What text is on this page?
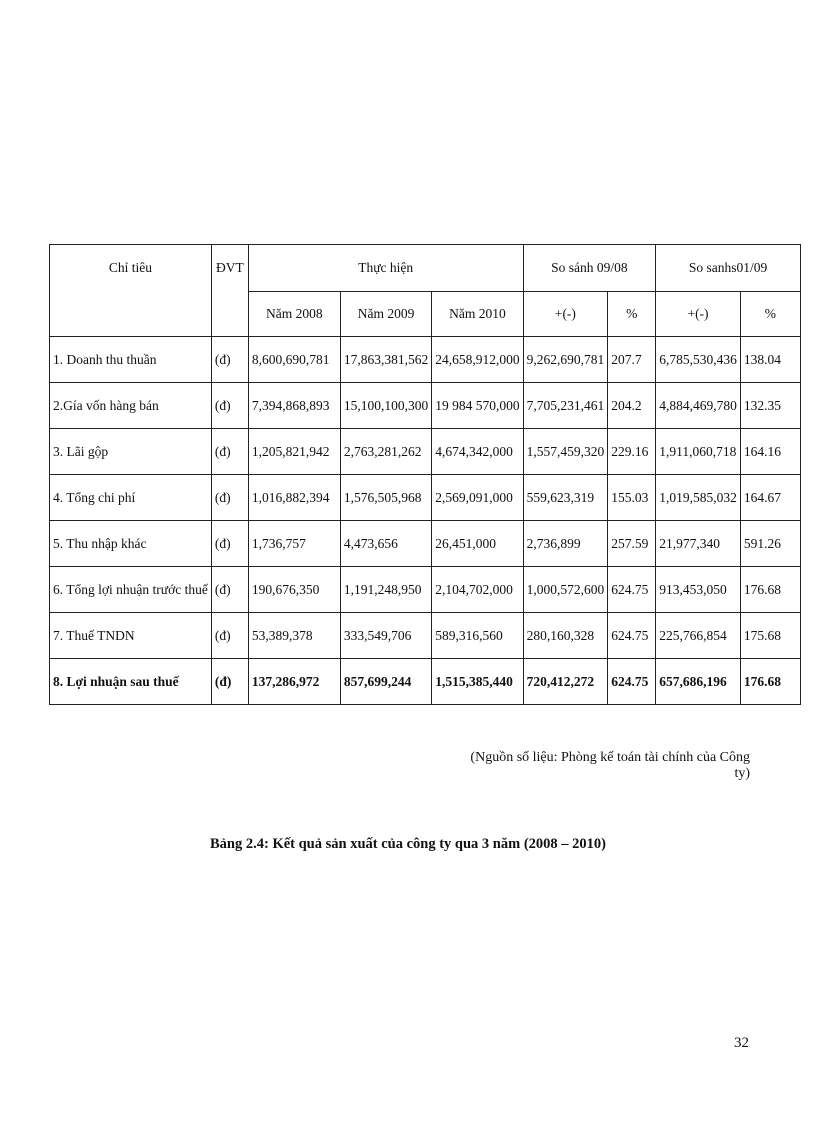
Chỉ tiêu	ĐVT	Thực hiện			So sánh 09/08		So sanhs01/09	
		Năm 2008	Năm 2009	Năm 2010	+(-)	%	+(-)	%
1. Doanh thu thuần	(đ)	8,600,690,781	17,863,381,562	24,658,912,000	9,262,690,781	207.7	6,785,530,436	138.04
2.Gía vốn hàng bán	(đ)	7,394,868,893	15,100,100,300	19 984 570,000	7,705,231,461	204.2	4,884,469,780	132.35
3. Lãi gộp	(đ)	1,205,821,942	2,763,281,262	4,674,342,000	1,557,459,320	229.16	1,911,060,718	164.16
4. Tổng chi phí	(đ)	1,016,882,394	1,576,505,968	2,569,091,000	559,623,319	155.03	1,019,585,032	164.67
5. Thu nhập khác	(đ)	1,736,757	4,473,656	26,451,000	2,736,899	257.59	21,977,340	591.26
6. Tổng lợi nhuận trước thuế	(đ)	190,676,350	1,191,248,950	2,104,702,000	1,000,572,600	624.75	913,453,050	176.68
7. Thuế TNDN	(đ)	53,389,378	333,549,706	589,316,560	280,160,328	624.75	225,766,854	175.68
8. Lợi nhuận sau thuế	(đ)	137,286,972	857,699,244	1,515,385,440	720,412,272	624.75	657,686,196	176.68
(Nguồn số liệu: Phòng kế toán tài chính của Công ty)
Bảng 2.4: Kết quả sản xuất của công ty qua 3 năm (2008 – 2010)
32
